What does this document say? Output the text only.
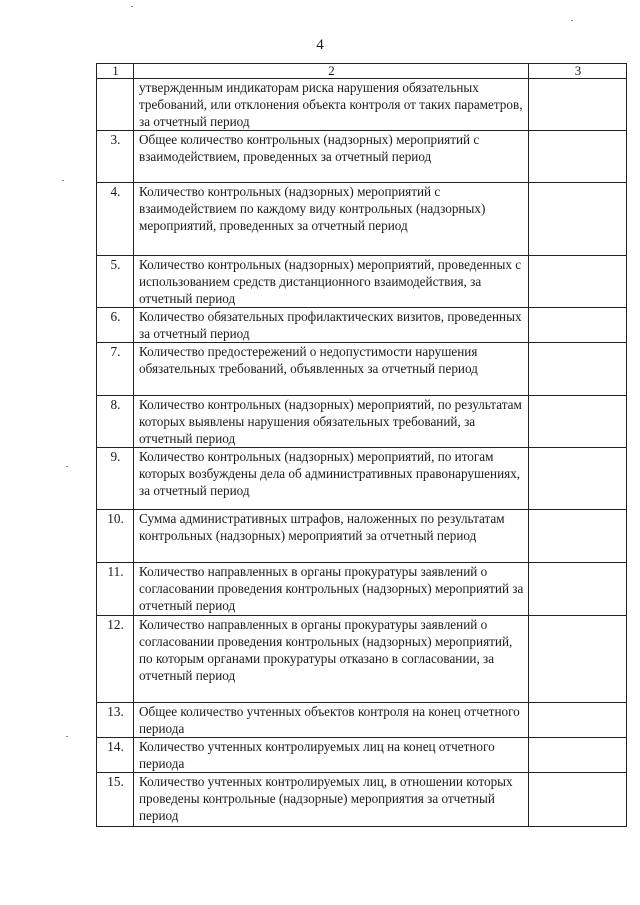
4
1	2	3
	утвержденным индикаторам риска нарушения обязательных требований, или отклонения объекта контроля от таких параметров, за отчетный период	
3.	Общее количество контрольных (надзорных) мероприятий с взаимодействием, проведенных за отчетный период	
4.	Количество контрольных (надзорных) мероприятий с взаимодействием по каждому виду контрольных (надзорных) мероприятий, проведенных за отчетный период	
5.	Количество контрольных (надзорных) мероприятий, проведенных с использованием средств дистанционного взаимодействия, за отчетный период	
6.	Количество обязательных профилактических визитов, проведенных за отчетный период	
7.	Количество предостережений о недопустимости нарушения обязательных требований, объявленных за отчетный период	
8.	Количество контрольных (надзорных) мероприятий, по результатам которых выявлены нарушения обязательных требований, за отчетный период	
9.	Количество контрольных (надзорных) мероприятий, по итогам которых возбуждены дела об административных правонарушениях, за отчетный период	
10.	Сумма административных штрафов, наложенных по результатам контрольных (надзорных) мероприятий за отчетный период	
11.	Количество направленных в органы прокуратуры заявлений о согласовании проведения контрольных (надзорных) мероприятий за отчетный период	
12.	Количество направленных в органы прокуратуры заявлений о согласовании проведения контрольных (надзорных) мероприятий, по которым органами прокуратуры отказано в согласовании, за отчетный период	
13.	Общее количество учтенных объектов контроля на конец отчетного периода	
14.	Количество учтенных контролируемых лиц на конец отчетного периода	
15.	Количество учтенных контролируемых лиц, в отношении которых проведены контрольные (надзорные) мероприятия за отчетный период	
